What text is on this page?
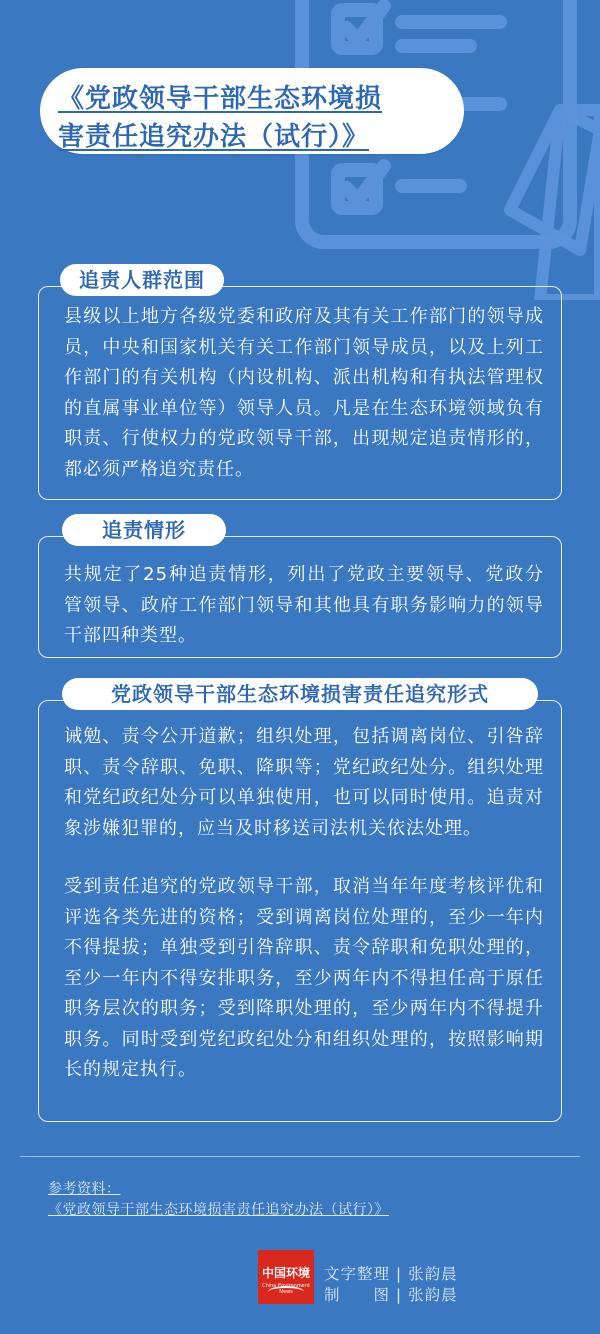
《党政领导干部生态环境损
害责任追究办法（试行）》
追责人群范围

县级以上地方各级党委和政府及其有关工作部门的领导成员，中央和国家机关有关工作部门领导成员，以及上列工作部门的有关机构（内设机构、派出机构和有执法管理权的直属事业单位等）领导人员。凡是在生态环境领域负有职责、行使权力的党政领导干部，出现规定追责情形的，都必须严格追究责任。

追责情形

共规定了25种追责情形，列出了党政主要领导、党政分管领导、政府工作部门领导和其他具有职务影响力的领导干部四种类型。

党政领导干部生态环境损害责任追究形式

诫勉、责令公开道歉；组织处理，包括调离岗位、引咎辞职、责令辞职、免职、降职等；党纪政纪处分。组织处理和党纪政纪处分可以单独使用，也可以同时使用。追责对象涉嫌犯罪的，应当及时移送司法机关依法处理。

受到责任追究的党政领导干部，取消当年年度考核评优和评选各类先进的资格；受到调离岗位处理的，至少一年内不得提拔；单独受到引咎辞职、责令辞职和免职处理的，至少一年内不得安排职务，至少两年内不得担任高于原任职务层次的职务；受到降职处理的，至少两年内不得提升职务。同时受到党纪政纪处分和组织处理的，按照影响期长的规定执行。

参考资料：
《党政领导干部生态环境损害责任追究办法（试行）》
中国环境
China Environment News
文字整理 | 张韵晨
制　　图 | 张韵晨
